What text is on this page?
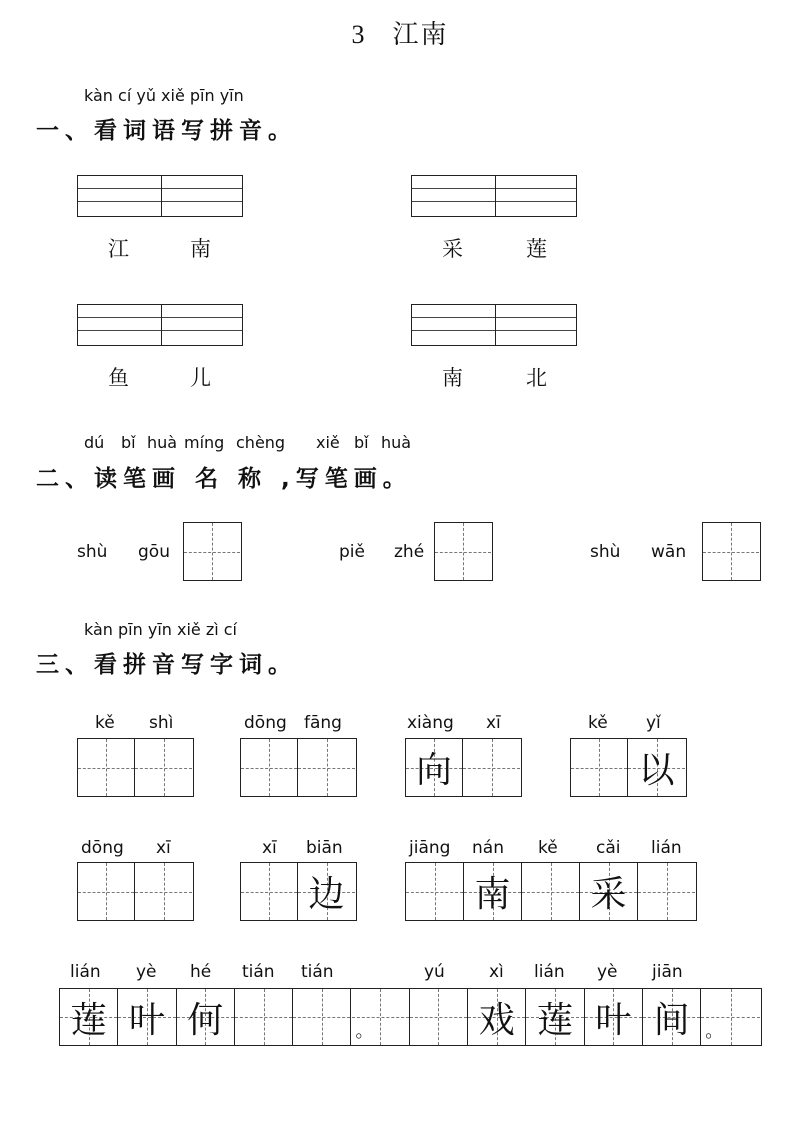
3 江南
kàn cí yǔ xiě pīn yīn
一、看词语写拼音。
江	南	采	莲
鱼	儿	南	北
dú bǐ huà míng chèng xiě bǐ huà
二、读笔画 名 称 ,写笔画。
shù gōu	piě zhé	shù wān
kàn pīn yīn xiě zì cí
三、看拼音写字词。
kě shì	dōng fāng	xiàng xī
向
kě yǐ
以
dōng xī	xī biān
边
jiāng nán kě cǎi lián
南 采
lián yè hé tián tián	yú	xì lián yè jiān
莲 叶 何	。	戏 莲 叶 间 。
